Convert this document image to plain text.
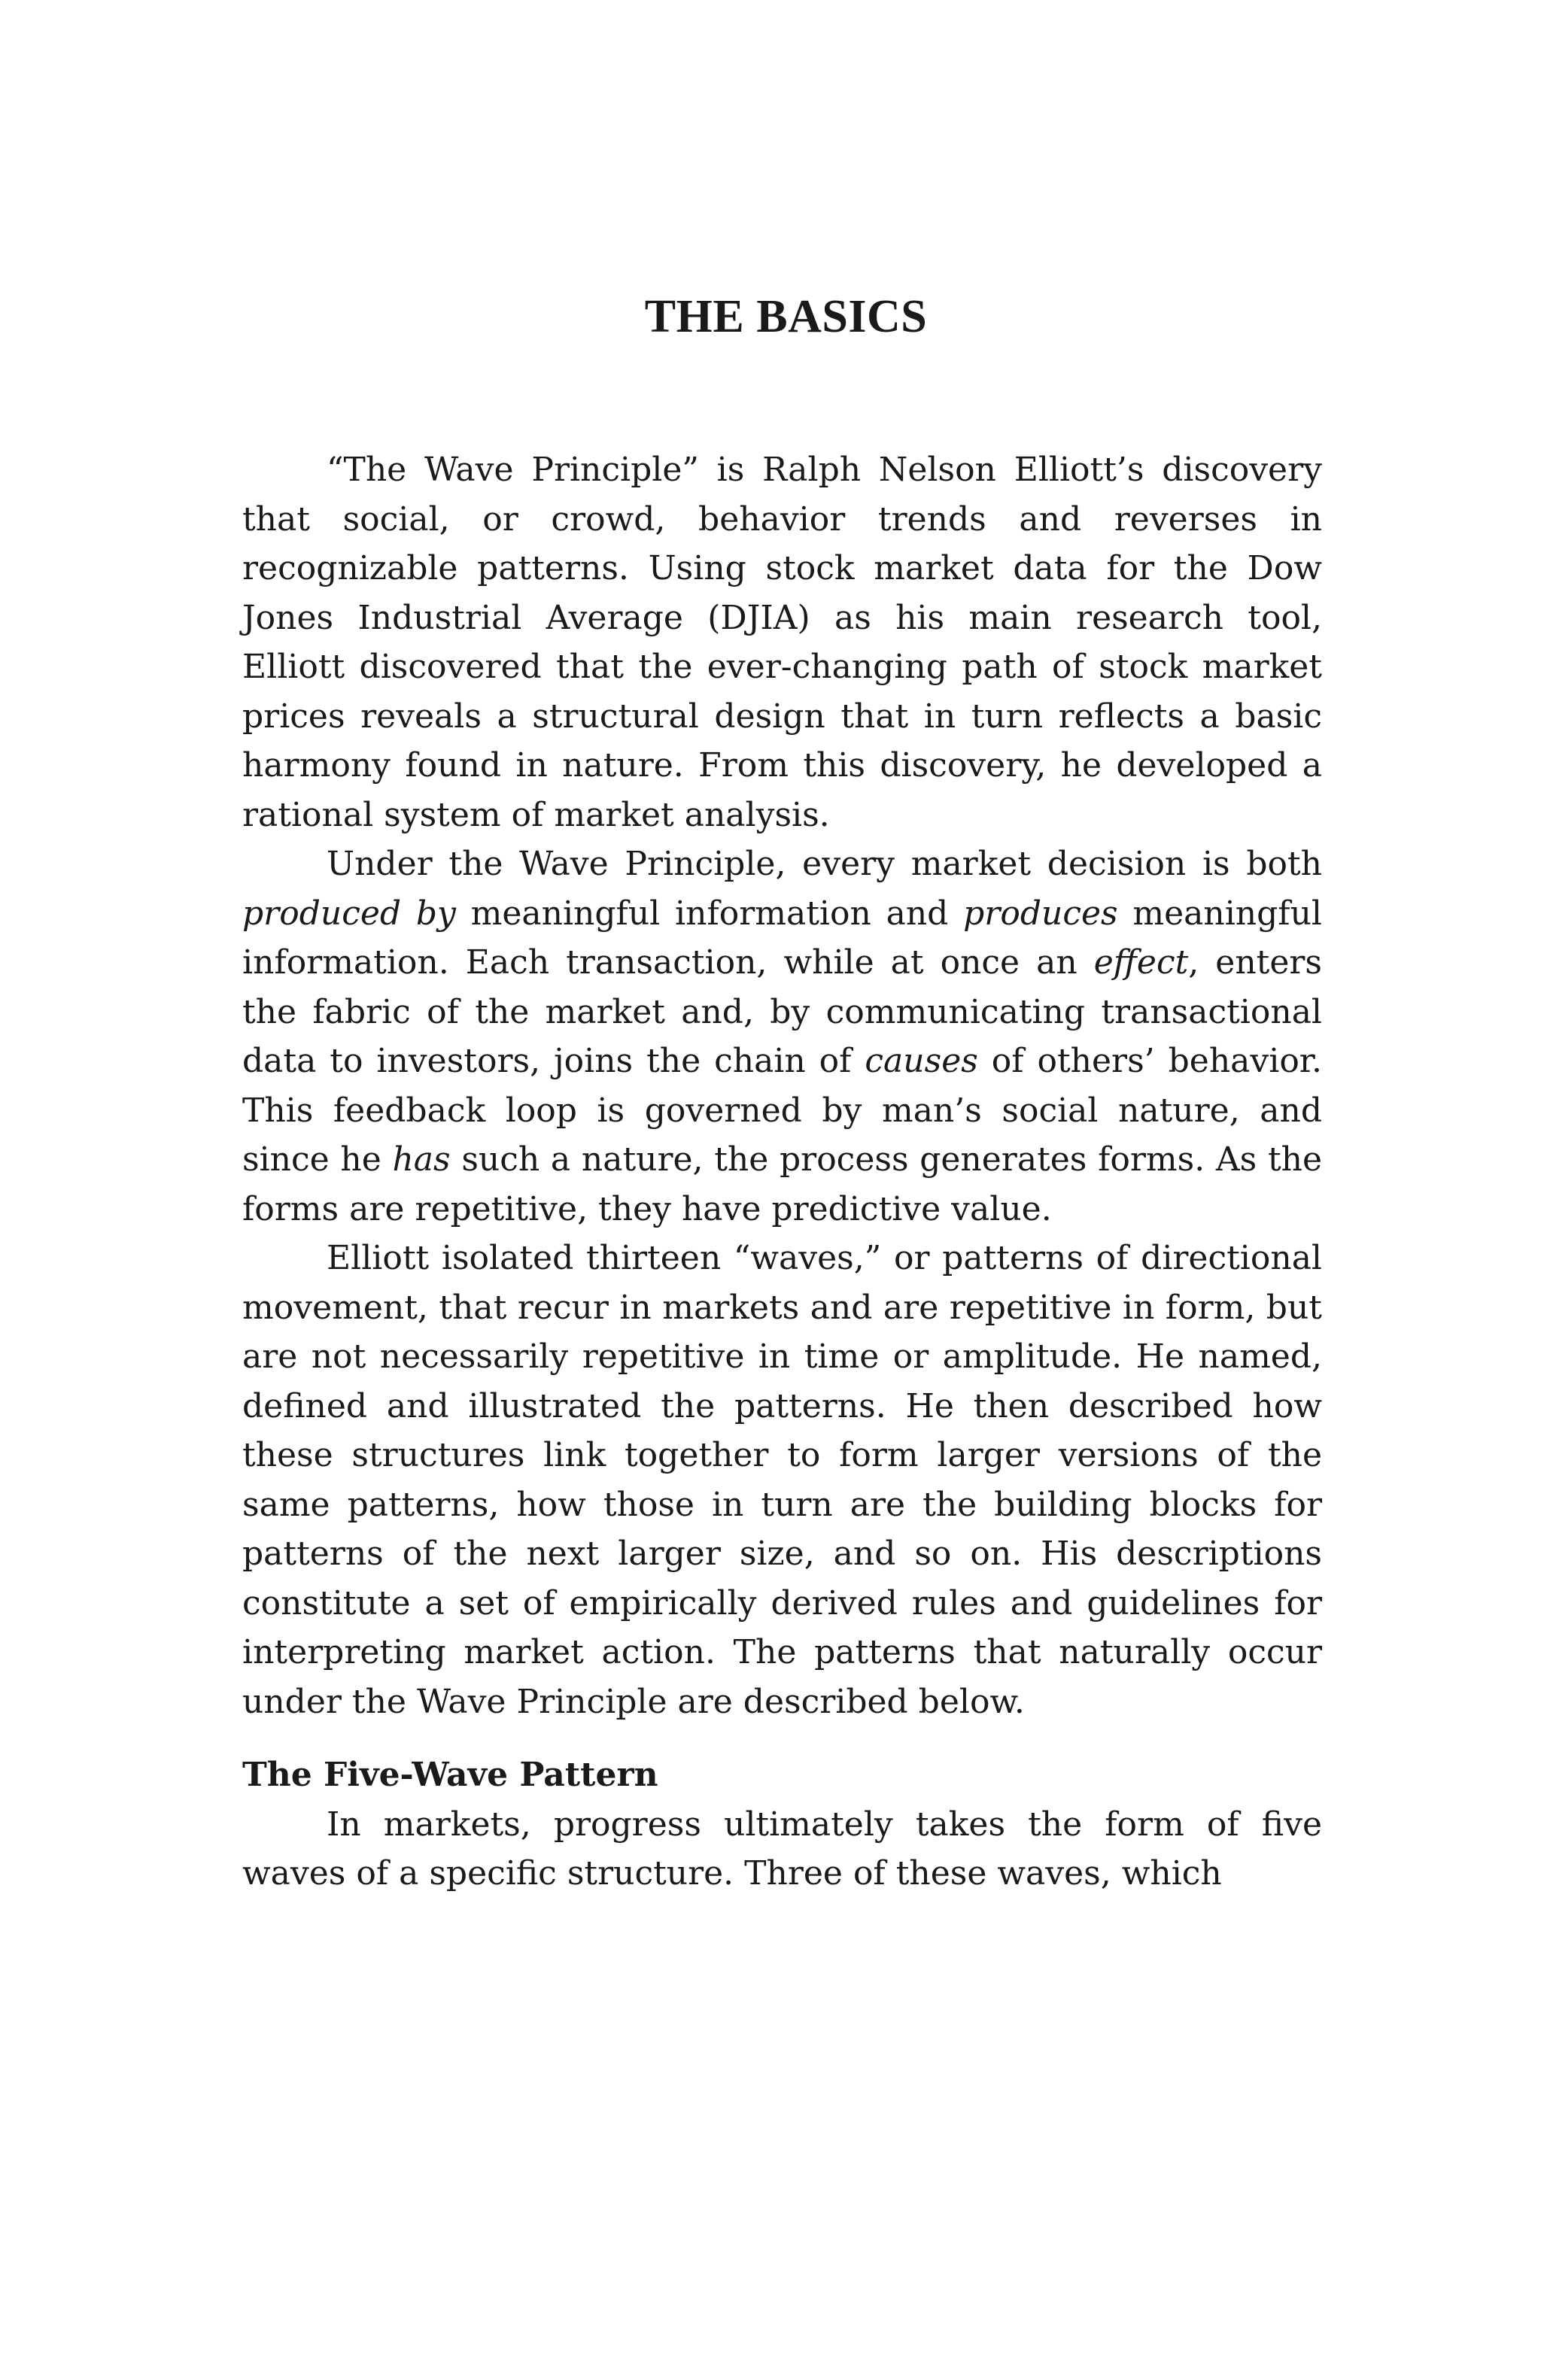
THE BASICS

“The Wave Principle” is Ralph Nelson Elliott’s discovery that social, or crowd, behavior trends and reverses in recognizable patterns. Using stock market data for the Dow Jones Industrial Average (DJIA) as his main research tool, Elliott discovered that the ever-changing path of stock market prices reveals a structural design that in turn reflects a basic harmony found in nature. From this discovery, he developed a rational system of market analysis.

Under the Wave Principle, every market decision is both produced by meaningful information and produces meaningful information. Each transaction, while at once an effect, enters the fabric of the market and, by communicating transactional data to investors, joins the chain of causes of others’ behavior. This feedback loop is governed by man’s social nature, and since he has such a nature, the process generates forms. As the forms are repetitive, they have predictive value.

Elliott isolated thirteen “waves,” or patterns of directional movement, that recur in markets and are repetitive in form, but are not necessarily repetitive in time or amplitude. He named, defined and illustrated the patterns. He then described how these structures link together to form larger versions of the same patterns, how those in turn are the building blocks for patterns of the next larger size, and so on. His descriptions constitute a set of empirically derived rules and guidelines for interpreting market action. The patterns that naturally occur under the Wave Principle are described below.

The Five-Wave Pattern

In markets, progress ultimately takes the form of five waves of a specific structure. Three of these waves, which
